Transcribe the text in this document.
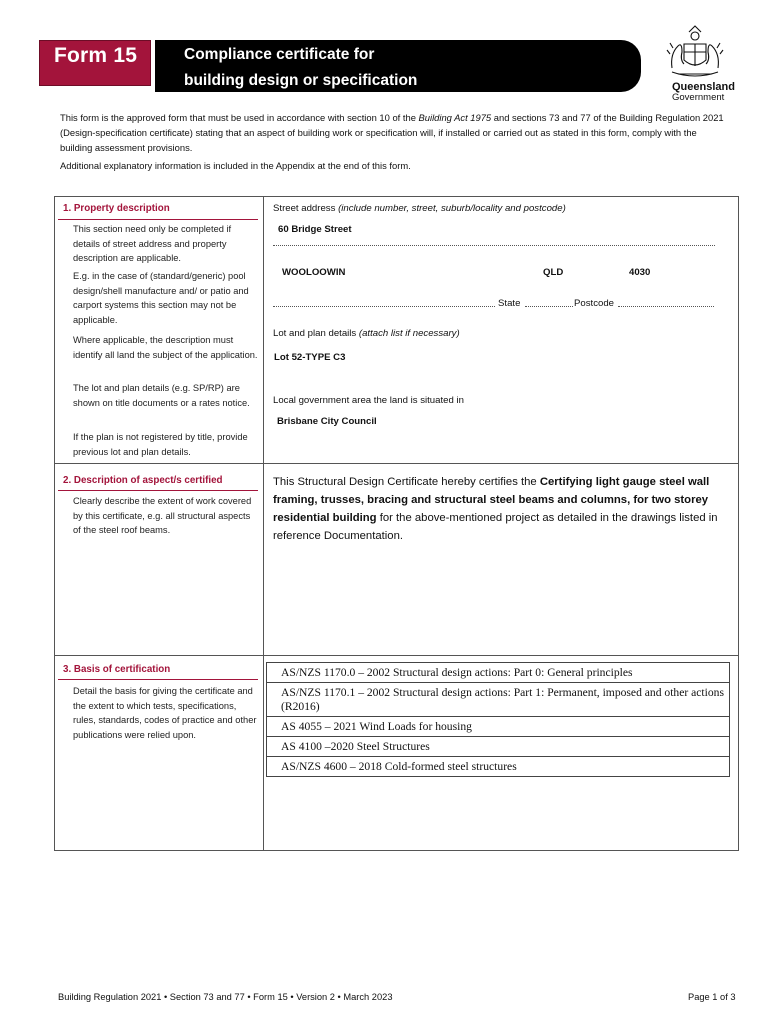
Form 15	Compliance certificate for
building design or specification	Queensland
Government
This form is the approved form that must be used in accordance with section 10 of the Building Act 1975 and sections 73 and 77 of the Building Regulation 2021 (Design-specification certificate) stating that an aspect of building work or specification will, if installed or carried out as stated in this form, comply with the building assessment provisions.
Additional explanatory information is included in the Appendix at the end of this form.
1. Property description
This section need only be completed if details of street address and property description are applicable.
E.g. in the case of (standard/generic) pool design/shell manufacture and/ or patio and carport systems this section may not be applicable.
Where applicable, the description must identify all land the subject of the application.
The lot and plan details (e.g. SP/RP) are shown on title documents or a rates notice.
If the plan is not registered by title, provide previous lot and plan details.
Street address (include number, street, suburb/locality and postcode)
60 Bridge Street
WOOLOOWIN	QLD	4030
State	Postcode
Lot and plan details (attach list if necessary)
Lot 52-TYPE C3
Local government area the land is situated in
Brisbane City Council
2. Description of aspect/s certified
Clearly describe the extent of work covered by this certificate, e.g. all structural aspects of the steel roof beams.
This Structural Design Certificate hereby certifies the Certifying light gauge steel wall framing, trusses, bracing and structural steel beams and columns, for two storey residential building for the above-mentioned project as detailed in the drawings listed in reference Documentation.
3. Basis of certification
Detail the basis for giving the certificate and the extent to which tests, specifications, rules, standards, codes of practice and other publications were relied upon.
AS/NZS 1170.0 – 2002 Structural design actions: Part 0: General principles
AS/NZS 1170.1 – 2002 Structural design actions: Part 1: Permanent, imposed and other actions (R2016)
AS 4055 – 2021 Wind Loads for housing
AS 4100 –2020 Steel Structures
AS/NZS 4600 – 2018 Cold-formed steel structures
Building Regulation 2021 • Section 73 and 77 • Form 15 • Version 2 • March 2023	Page 1 of 3
